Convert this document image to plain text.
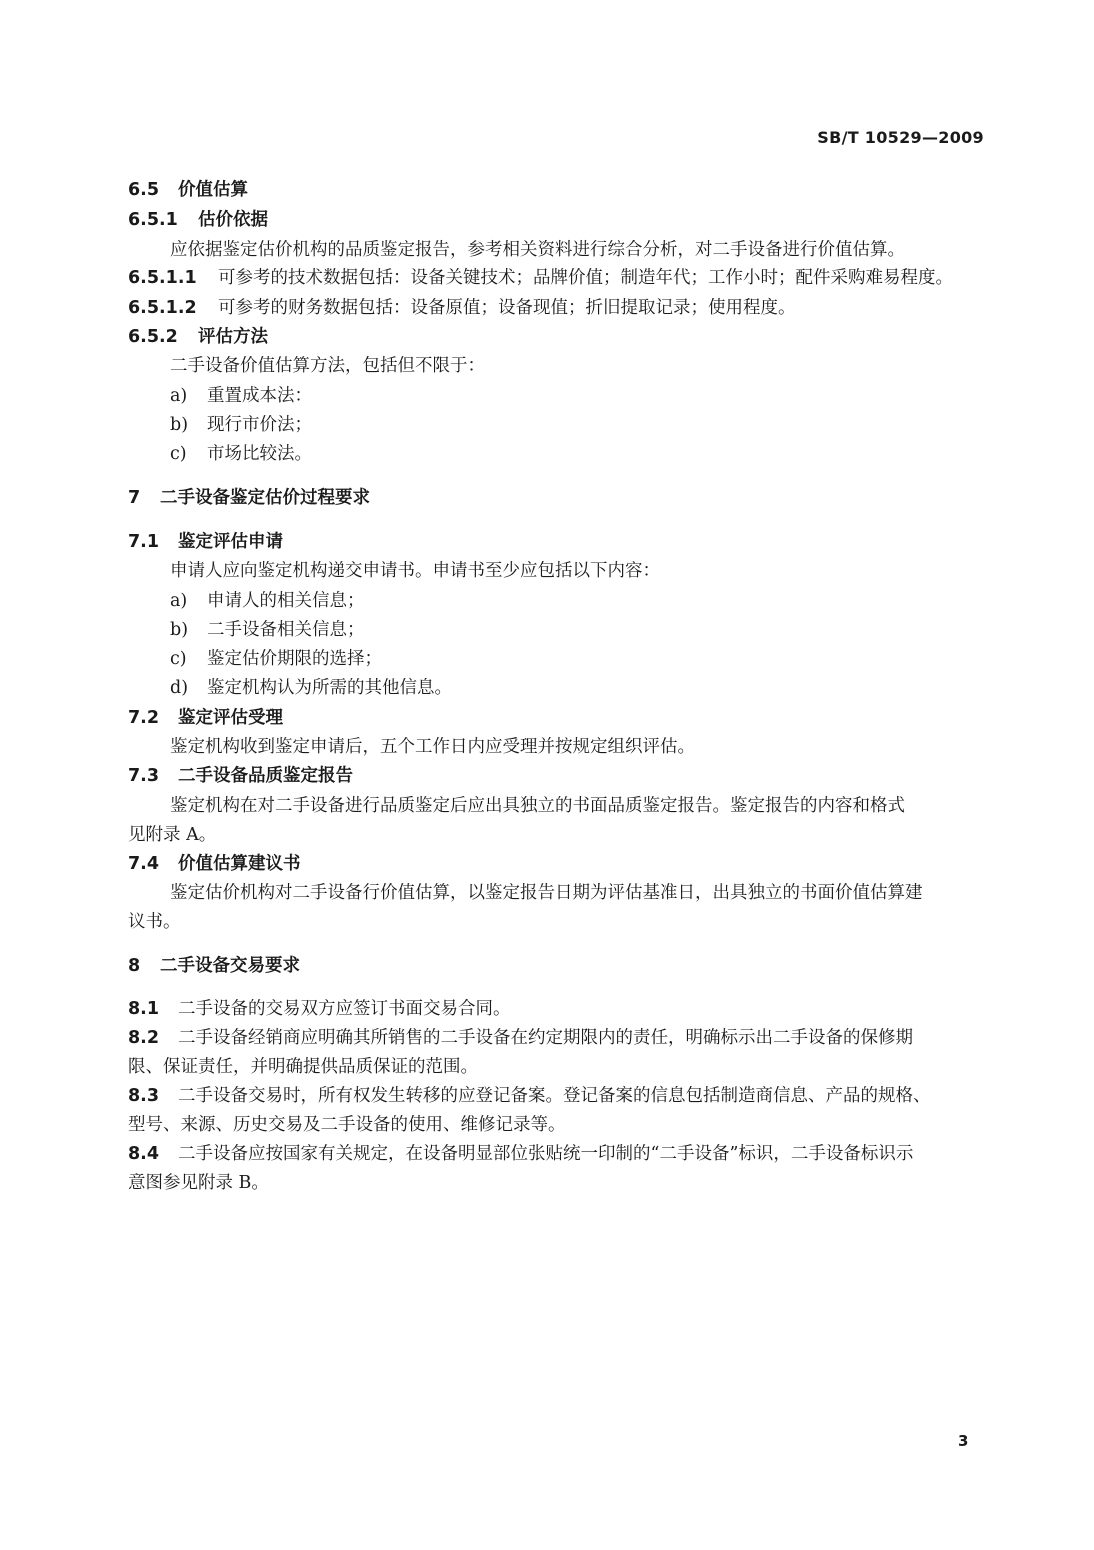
SB/T 10529—2009
6.5 价值估算
6.5.1 估价依据
应依据鉴定估价机构的品质鉴定报告，参考相关资料进行综合分析，对二手设备进行价值估算。
6.5.1.1 可参考的技术数据包括：设备关键技术；品牌价值；制造年代；工作小时；配件采购难易程度。
6.5.1.2 可参考的财务数据包括：设备原值；设备现值；折旧提取记录；使用程度。
6.5.2 评估方法
二手设备价值估算方法，包括但不限于：
a) 重置成本法：
b) 现行市价法；
c) 市场比较法。
7 二手设备鉴定估价过程要求
7.1 鉴定评估申请
申请人应向鉴定机构递交申请书。申请书至少应包括以下内容：
a) 申请人的相关信息；
b) 二手设备相关信息；
c) 鉴定估价期限的选择；
d) 鉴定机构认为所需的其他信息。
7.2 鉴定评估受理
鉴定机构收到鉴定申请后，五个工作日内应受理并按规定组织评估。
7.3 二手设备品质鉴定报告
鉴定机构在对二手设备进行品质鉴定后应出具独立的书面品质鉴定报告。鉴定报告的内容和格式
见附录 A。
7.4 价值估算建议书
鉴定估价机构对二手设备行价值估算，以鉴定报告日期为评估基准日，出具独立的书面价值估算建
议书。
8 二手设备交易要求
8.1 二手设备的交易双方应签订书面交易合同。
8.2 二手设备经销商应明确其所销售的二手设备在约定期限内的责任，明确标示出二手设备的保修期
限、保证责任，并明确提供品质保证的范围。
8.3 二手设备交易时，所有权发生转移的应登记备案。登记备案的信息包括制造商信息、产品的规格、
型号、来源、历史交易及二手设备的使用、维修记录等。
8.4 二手设备应按国家有关规定，在设备明显部位张贴统一印制的“二手设备”标识，二手设备标识示
意图参见附录 B。
3
